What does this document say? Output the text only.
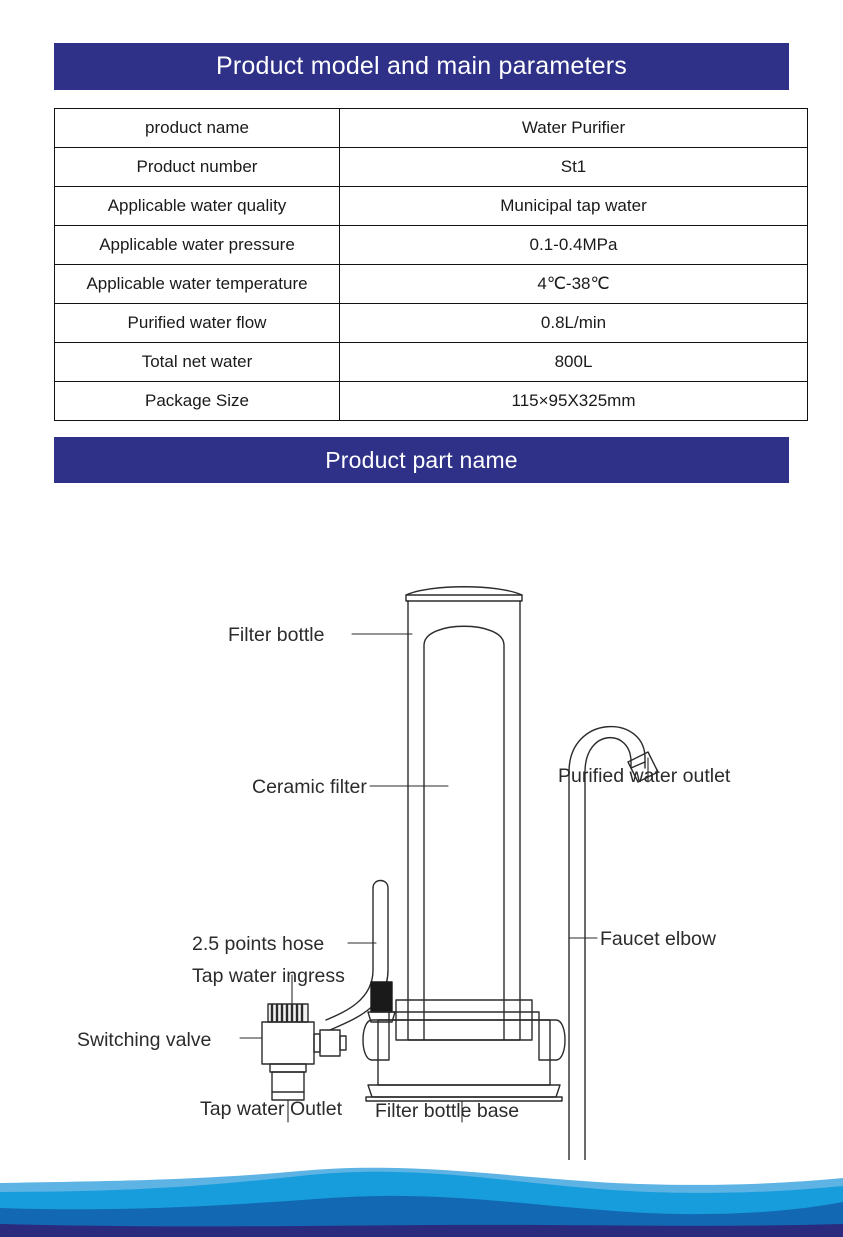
Product model and main parameters
product name	Water Purifier
Product number	St1
Applicable water quality	Municipal tap water
Applicable water pressure	0.1-0.4MPa
Applicable water temperature	4℃-38℃
Purified water flow	0.8L/min
Total net water	800L
Package Size	115×95X325mm
Product part name
Filter bottle
Ceramic filter	Purified water outlet
Faucet elbow
2.5 points hose
Tap water ingress
Switching valve
Tap water Outlet Filter bottle base
